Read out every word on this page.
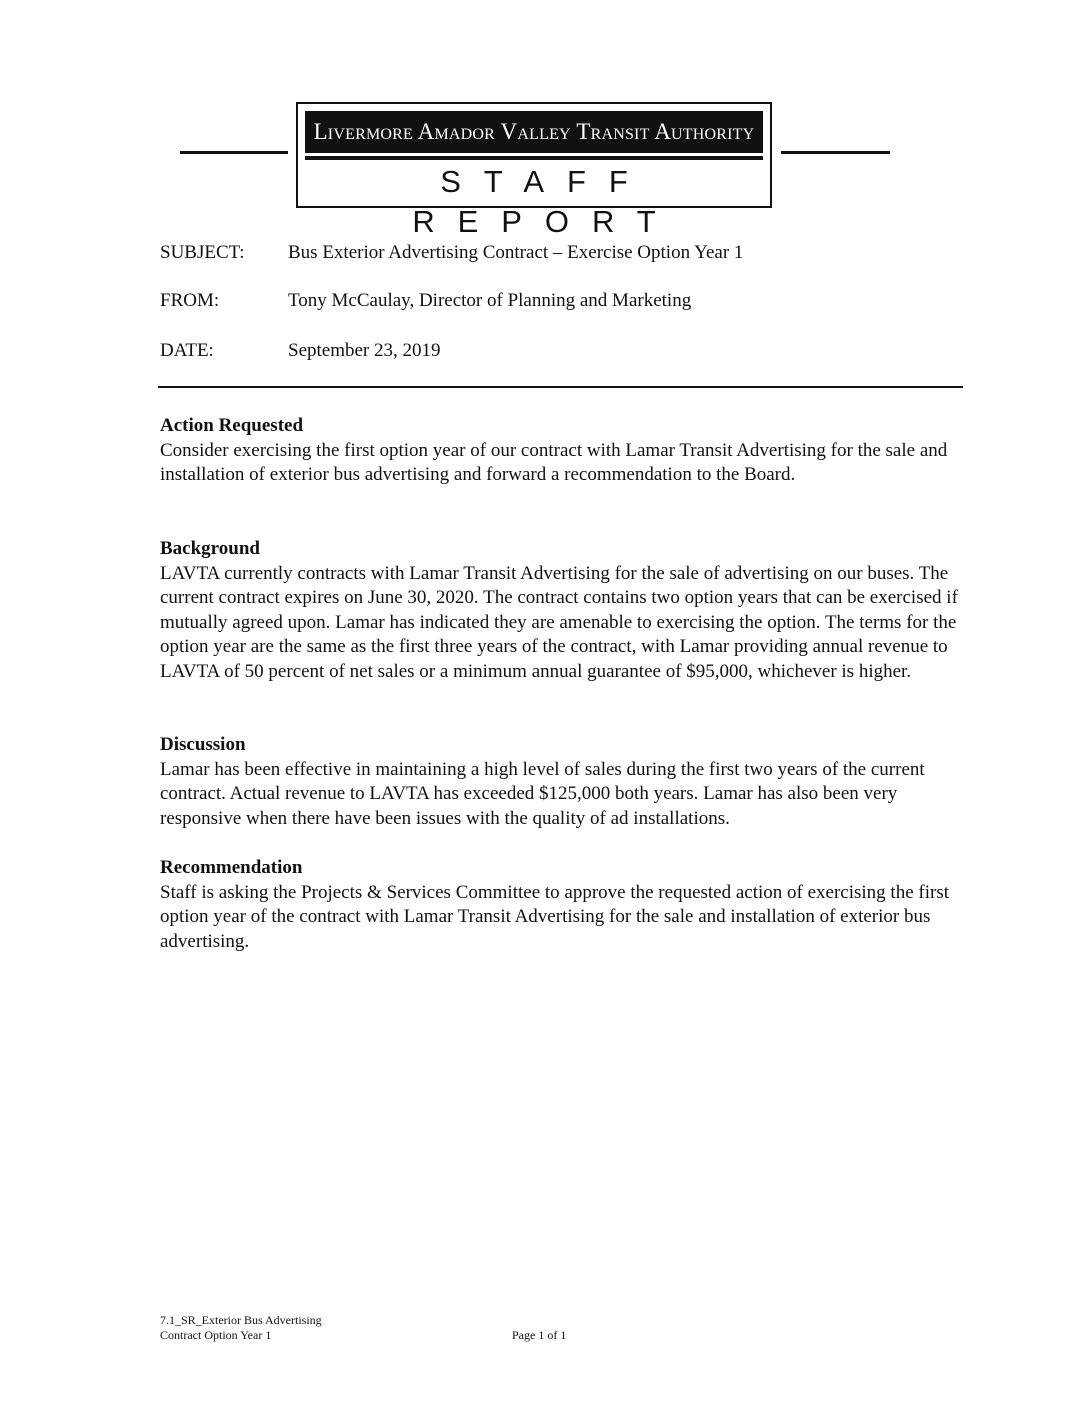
Livermore Amador Valley Transit Authority
STAFF REPORT
SUBJECT:	Bus Exterior Advertising Contract – Exercise Option Year 1
FROM:	Tony McCaulay, Director of Planning and Marketing
DATE:	September 23, 2019
Action Requested

Consider exercising the first option year of our contract with Lamar Transit Advertising for the sale and installation of exterior bus advertising and forward a recommendation to the Board.

Background

LAVTA currently contracts with Lamar Transit Advertising for the sale of advertising on our buses. The current contract expires on June 30, 2020. The contract contains two option years that can be exercised if mutually agreed upon. Lamar has indicated they are amenable to exercising the option. The terms for the option year are the same as the first three years of the contract, with Lamar providing annual revenue to LAVTA of 50 percent of net sales or a minimum annual guarantee of $95,000, whichever is higher.

Discussion

Lamar has been effective in maintaining a high level of sales during the first two years of the current contract. Actual revenue to LAVTA has exceeded $125,000 both years. Lamar has also been very responsive when there have been issues with the quality of ad installations.

Recommendation

Staff is asking the Projects & Services Committee to approve the requested action of exercising the first option year of the contract with Lamar Transit Advertising for the sale and installation of exterior bus advertising.

7.1_SR_Exterior Bus Advertising
Contract Option Year 1	Page 1 of 1
